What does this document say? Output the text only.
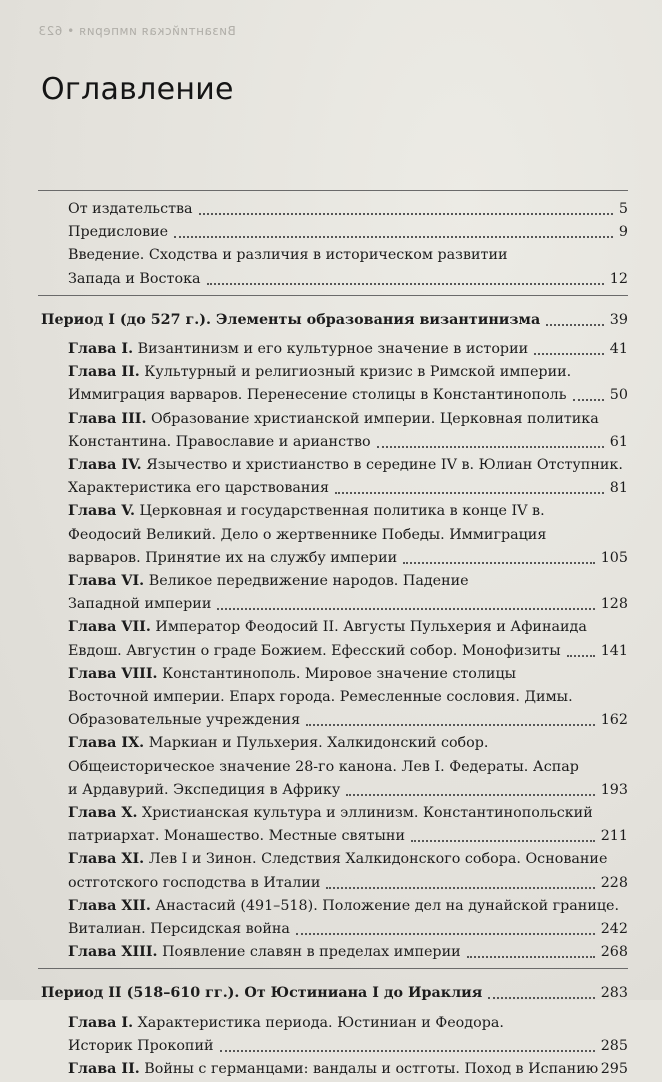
Византийская империя • 623
Оглавление
От издательства	5
Предисловие	9
Введение. Сходства и различия в историческом развитии
Запада и Востока	12
Период I (до 527 г.). Элементы образования византинизма	39
Глава I. Византинизм и его культурное значение в истории	41
Глава II. Культурный и религиозный кризис в Римской империи.
Иммиграция варваров. Перенесение столицы в Константинополь	50
Глава III. Образование христианской империи. Церковная политика
Константина. Православие и арианство	61
Глава IV. Язычество и христианство в середине IV в. Юлиан Отступник.
Характеристика его царствования	81
Глава V. Церковная и государственная политика в конце IV в.
Феодосий Великий. Дело о жертвеннике Победы. Иммиграция
варваров. Принятие их на службу империи	105
Глава VI. Великое передвижение народов. Падение
Западной империи	128
Глава VII. Император Феодосий II. Августы Пульхерия и Афинаида
Евдош. Августин о граде Божием. Ефесский собор. Монофизиты	141
Глава VIII. Константинополь. Мировое значение столицы
Восточной империи. Епарх города. Ремесленные сословия. Димы.
Образовательные учреждения	162
Глава IX. Маркиан и Пульхерия. Халкидонский собор.
Общеисторическое значение 28-го канона. Лев I. Федераты. Аспар
и Ардавурий. Экспедиция в Африку	193
Глава X. Христианская культура и эллинизм. Константинопольский
патриархат. Монашество. Местные святыни	211
Глава XI. Лев I и Зинон. Следствия Халкидонского собора. Основание
остготского господства в Италии	228
Глава XII. Анастасий (491–518). Положение дел на дунайской границе.
Виталиан. Персидская война	242
Глава XIII. Появление славян в пределах империи	268
Период II (518–610 гг.). От Юстиниана I до Ираклия	283
Глава I. Характеристика периода. Юстиниан и Феодора.
Историк Прокопий	285
Глава II. Войны с германцами: вандалы и остготы. Поход в Испанию 295
